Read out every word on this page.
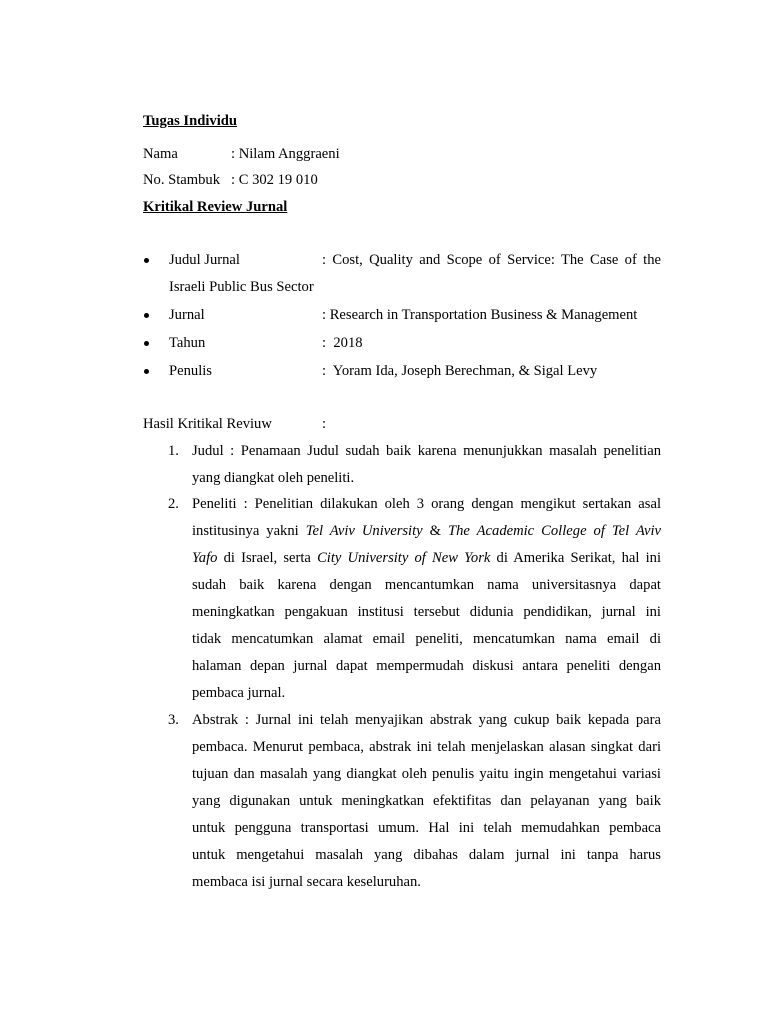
Tugas Individu
Nama	: Nilam Anggraeni
No. Stambuk : C 302 19 010
Kritikal Review Jurnal
Judul Jurnal	: Cost, Quality and Scope of Service: The Case of the
Israeli Public Bus Sector
Jurnal	: Research in Transportation Business & Management
Tahun	:  2018
Penulis	:  Yoram Ida, Joseph Berechman, & Sigal Levy
Hasil Kritikal Reviuw	:
1. Judul : Penamaan Judul sudah baik karena menunjukkan masalah penelitian
yang diangkat oleh peneliti.
2. Peneliti : Penelitian dilakukan oleh 3 orang dengan mengikut sertakan asal
institusinya yakni Tel Aviv University & The Academic College of Tel Aviv
Yafo di Israel, serta City University of New York di Amerika Serikat, hal ini
sudah baik karena dengan mencantumkan nama universitasnya dapat
meningkatkan pengakuan institusi tersebut didunia pendidikan, jurnal ini
tidak mencatumkan alamat email peneliti, mencatumkan nama email di
halaman depan jurnal dapat mempermudah diskusi antara peneliti dengan
pembaca jurnal.
3. Abstrak : Jurnal ini telah menyajikan abstrak yang cukup baik kepada para
pembaca. Menurut pembaca, abstrak ini telah menjelaskan alasan singkat dari
tujuan dan masalah yang diangkat oleh penulis yaitu ingin mengetahui variasi
yang digunakan untuk meningkatkan efektifitas dan pelayanan yang baik
untuk pengguna transportasi umum. Hal ini telah memudahkan pembaca
untuk mengetahui masalah yang dibahas dalam jurnal ini tanpa harus
membaca isi jurnal secara keseluruhan.
